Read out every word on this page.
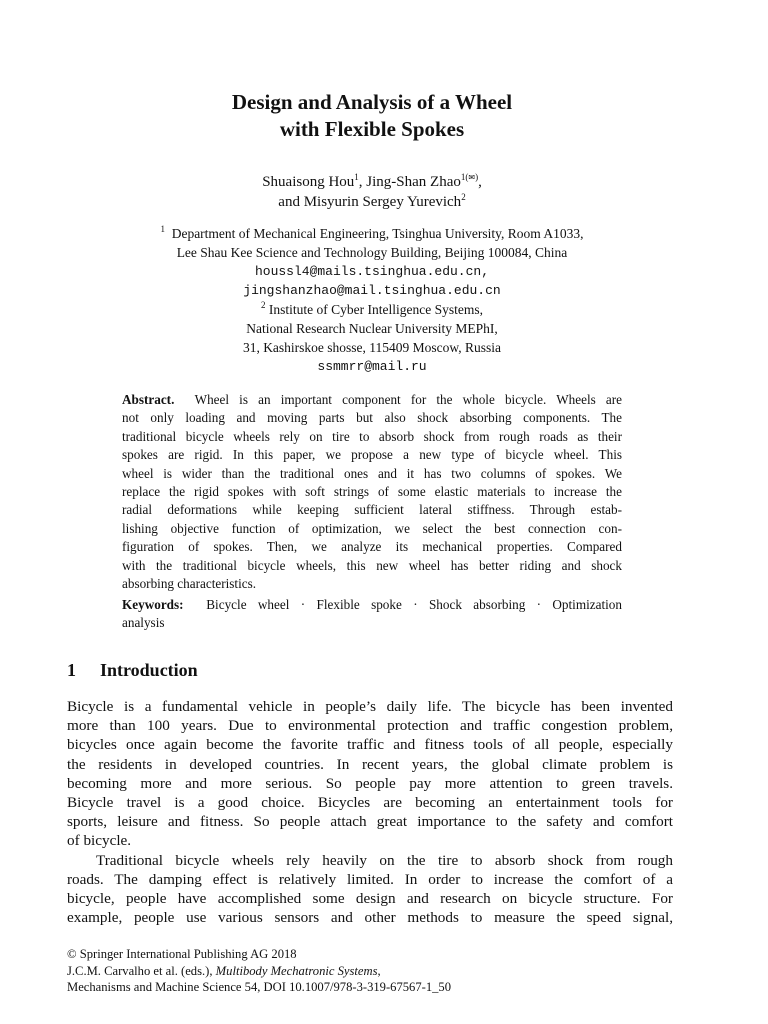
Design and Analysis of a Wheel
with Flexible Spokes
Shuaisong Hou$^1$, Jing-Shan Zhao$^{1(✉)}$,
and Misyurin Sergey Yurevich$^2$
$^1$ Department of Mechanical Engineering, Tsinghua University, Room A1033,
Lee Shau Kee Science and Technology Building, Beijing 100084, China
houssl4@mails.tsinghua.edu.cn,
jingshanzhao@mail.tsinghua.edu.cn
$^2$ Institute of Cyber Intelligence Systems,
National Research Nuclear University MEPhI,
31, Kashirskoe shosse, 115409 Moscow, Russia
ssmmrr@mail.ru
Abstract. Wheel is an important component for the whole bicycle. Wheels are
not only loading and moving parts but also shock absorbing components. The
traditional bicycle wheels rely on tire to absorb shock from rough roads as their
spokes are rigid. In this paper, we propose a new type of bicycle wheel. This
wheel is wider than the traditional ones and it has two columns of spokes. We
replace the rigid spokes with soft strings of some elastic materials to increase the
radial deformations while keeping sufficient lateral stiffness. Through estab-
lishing objective function of optimization, we select the best connection con-
figuration of spokes. Then, we analyze its mechanical properties. Compared
with the traditional bicycle wheels, this new wheel has better riding and shock
absorbing characteristics.
Keywords: Bicycle wheel · Flexible spoke · Shock absorbing · Optimization
analysis
1 Introduction
Bicycle is a fundamental vehicle in people’s daily life. The bicycle has been invented
more than 100 years. Due to environmental protection and traffic congestion problem,
bicycles once again become the favorite traffic and fitness tools of all people, especially
the residents in developed countries. In recent years, the global climate problem is
becoming more and more serious. So people pay more attention to green travels.
Bicycle travel is a good choice. Bicycles are becoming an entertainment tools for
sports, leisure and fitness. So people attach great importance to the safety and comfort
of bicycle.
Traditional bicycle wheels rely heavily on the tire to absorb shock from rough
roads. The damping effect is relatively limited. In order to increase the comfort of a
bicycle, people have accomplished some design and research on bicycle structure. For
example, people use various sensors and other methods to measure the speed signal,
© Springer International Publishing AG 2018
J.C.M. Carvalho et al. (eds.), Multibody Mechatronic Systems,
Mechanisms and Machine Science 54, DOI 10.1007/978-3-319-67567-1_50
